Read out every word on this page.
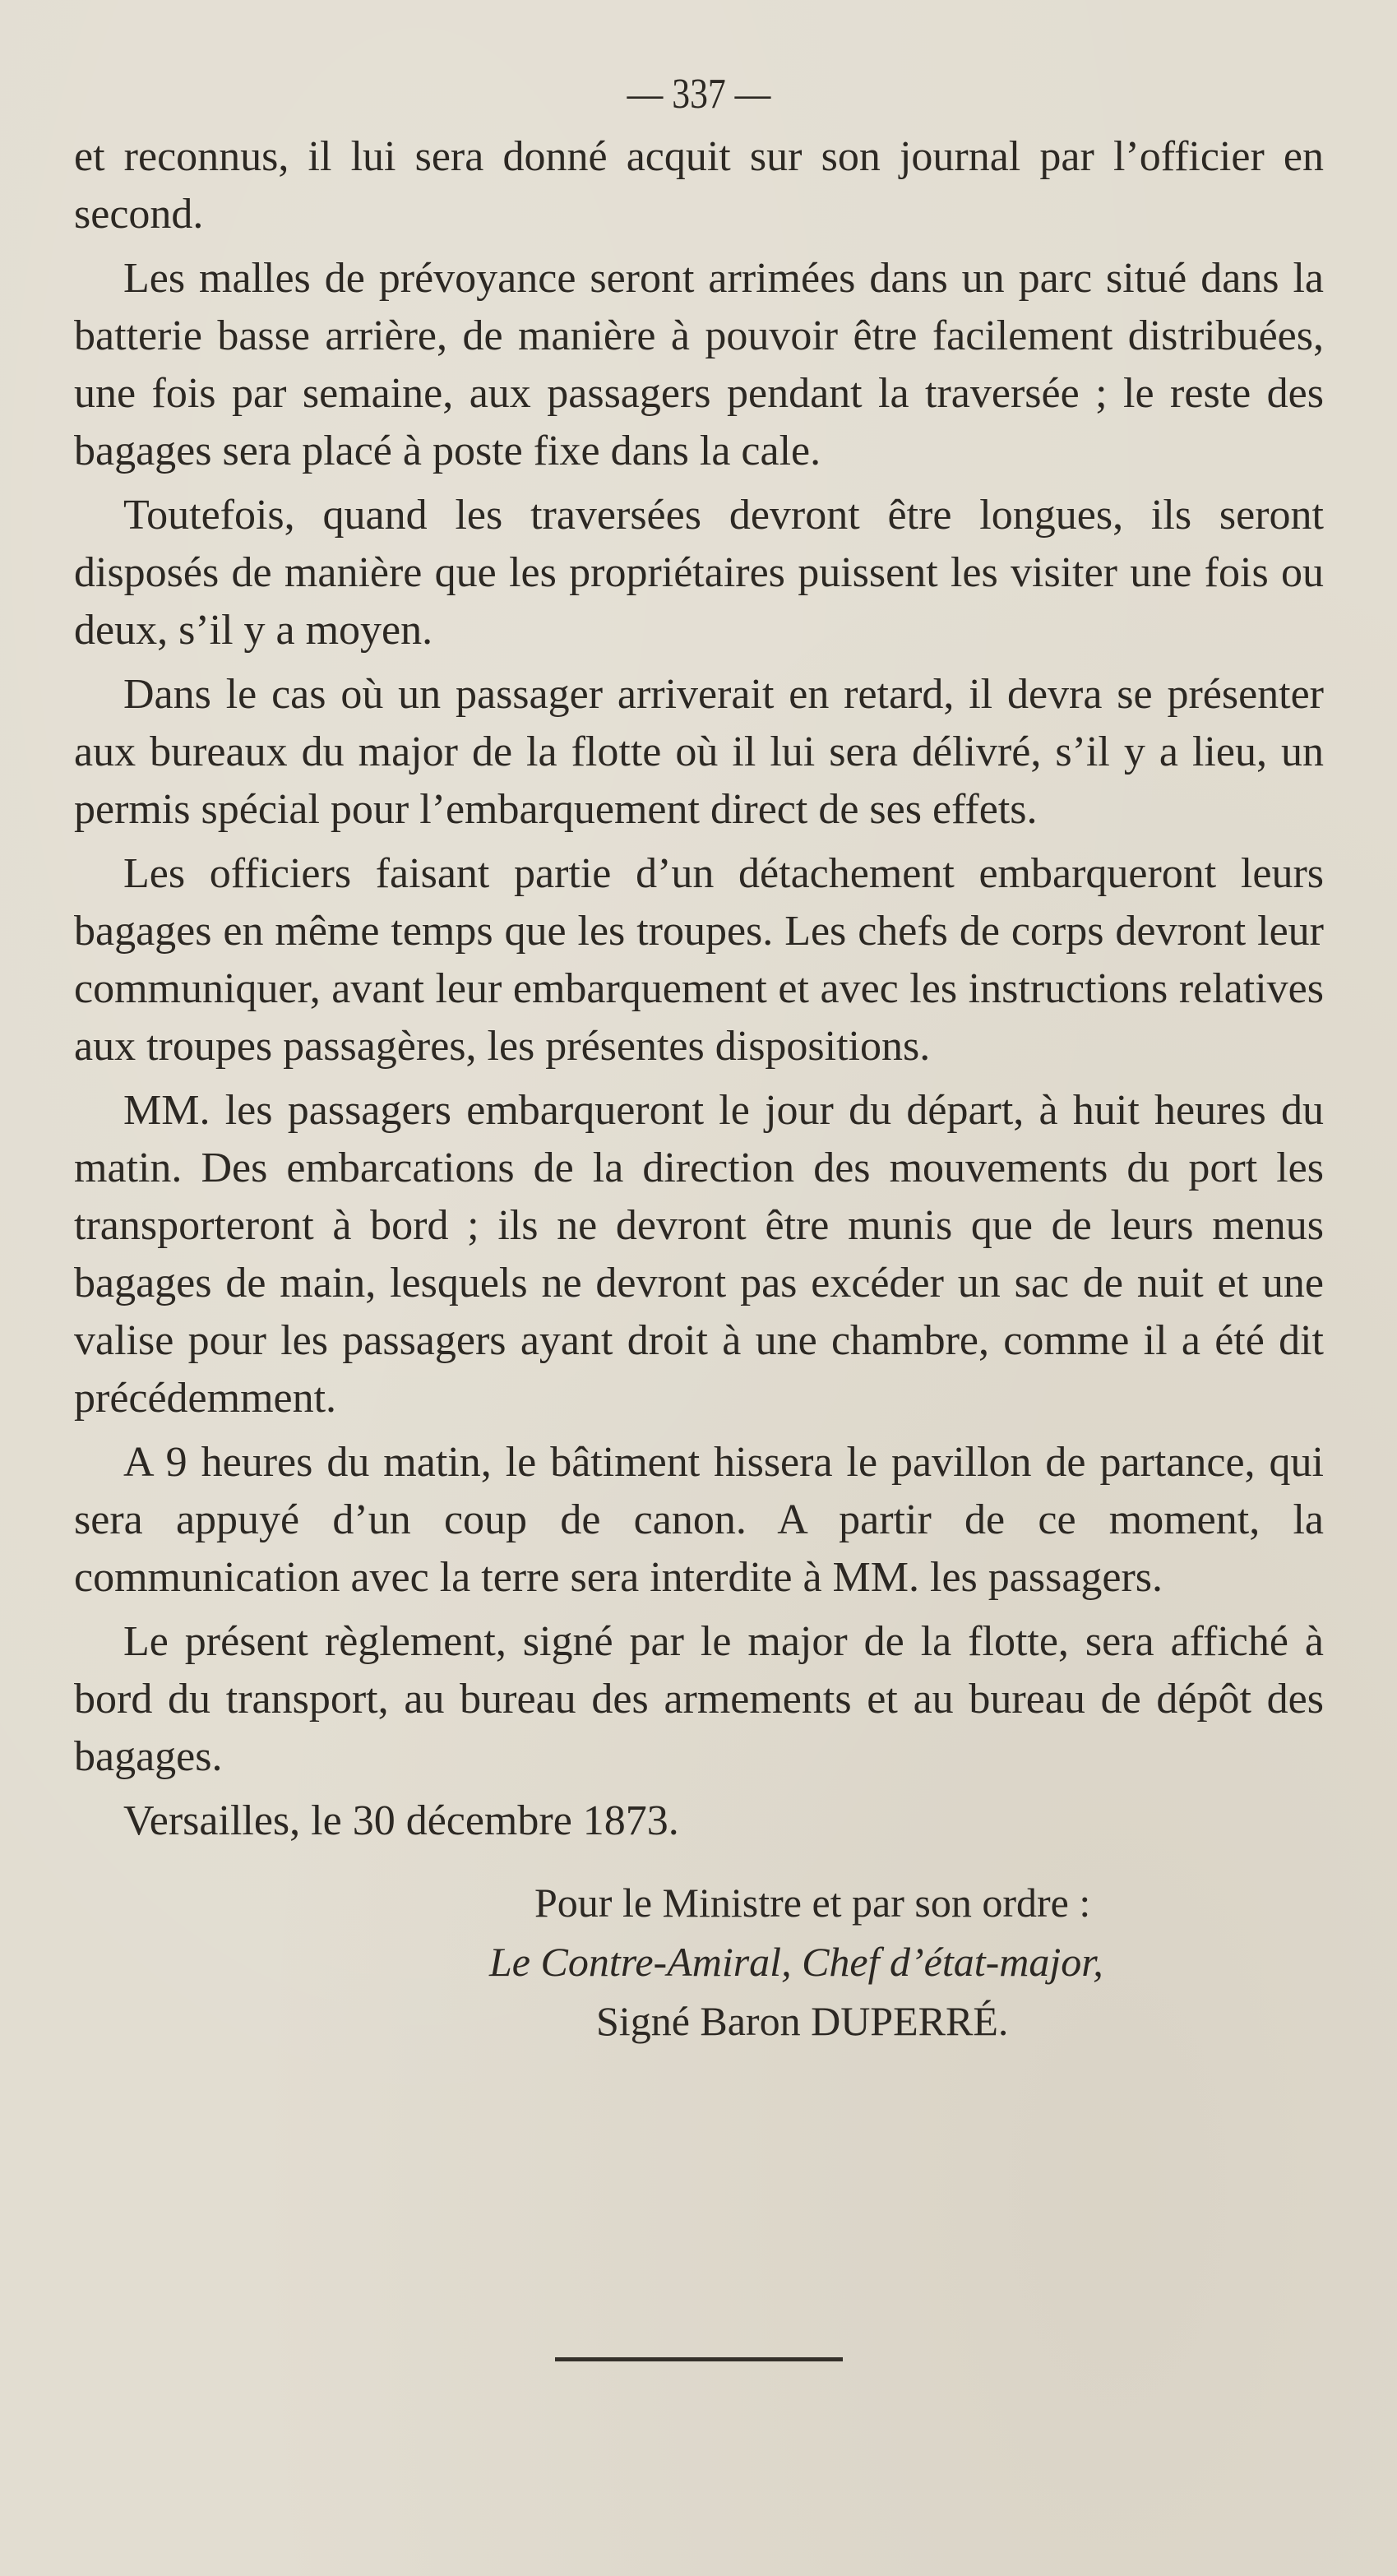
— 337 —

et reconnus, il lui sera donné acquit sur son journal par l’officier en second.

Les malles de prévoyance seront arrimées dans un parc situé dans la batterie basse arrière, de manière à pouvoir être facilement distribuées, une fois par semaine, aux passagers pendant la traversée ; le reste des bagages sera placé à poste fixe dans la cale.

Toutefois, quand les traversées devront être longues, ils seront disposés de manière que les propriétaires puissent les visiter une fois ou deux, s’il y a moyen.

Dans le cas où un passager arriverait en retard, il devra se présenter aux bureaux du major de la flotte où il lui sera délivré, s’il y a lieu, un permis spécial pour l’embarquement direct de ses effets.

Les officiers faisant partie d’un détachement embarqueront leurs bagages en même temps que les troupes. Les chefs de corps devront leur communiquer, avant leur embarquement et avec les instructions relatives aux troupes passagères, les présentes dispositions.

MM. les passagers embarqueront le jour du départ, à huit heures du matin. Des embarcations de la direction des mouvements du port les transporteront à bord ; ils ne devront être munis que de leurs menus bagages de main, lesquels ne devront pas excéder un sac de nuit et une valise pour les passagers ayant droit à une chambre, comme il a été dit précédemment.

A 9 heures du matin, le bâtiment hissera le pavillon de partance, qui sera appuyé d’un coup de canon. A partir de ce moment, la communication avec la terre sera interdite à MM. les passagers.

Le présent règlement, signé par le major de la flotte, sera affiché à bord du transport, au bureau des armements et au bureau de dépôt des bagages.

Versailles, le 30 décembre 1873.

Pour le Ministre et par son ordre :
Le Contre-Amiral, Chef d’état-major,
Signé Baron DUPERRÉ.
